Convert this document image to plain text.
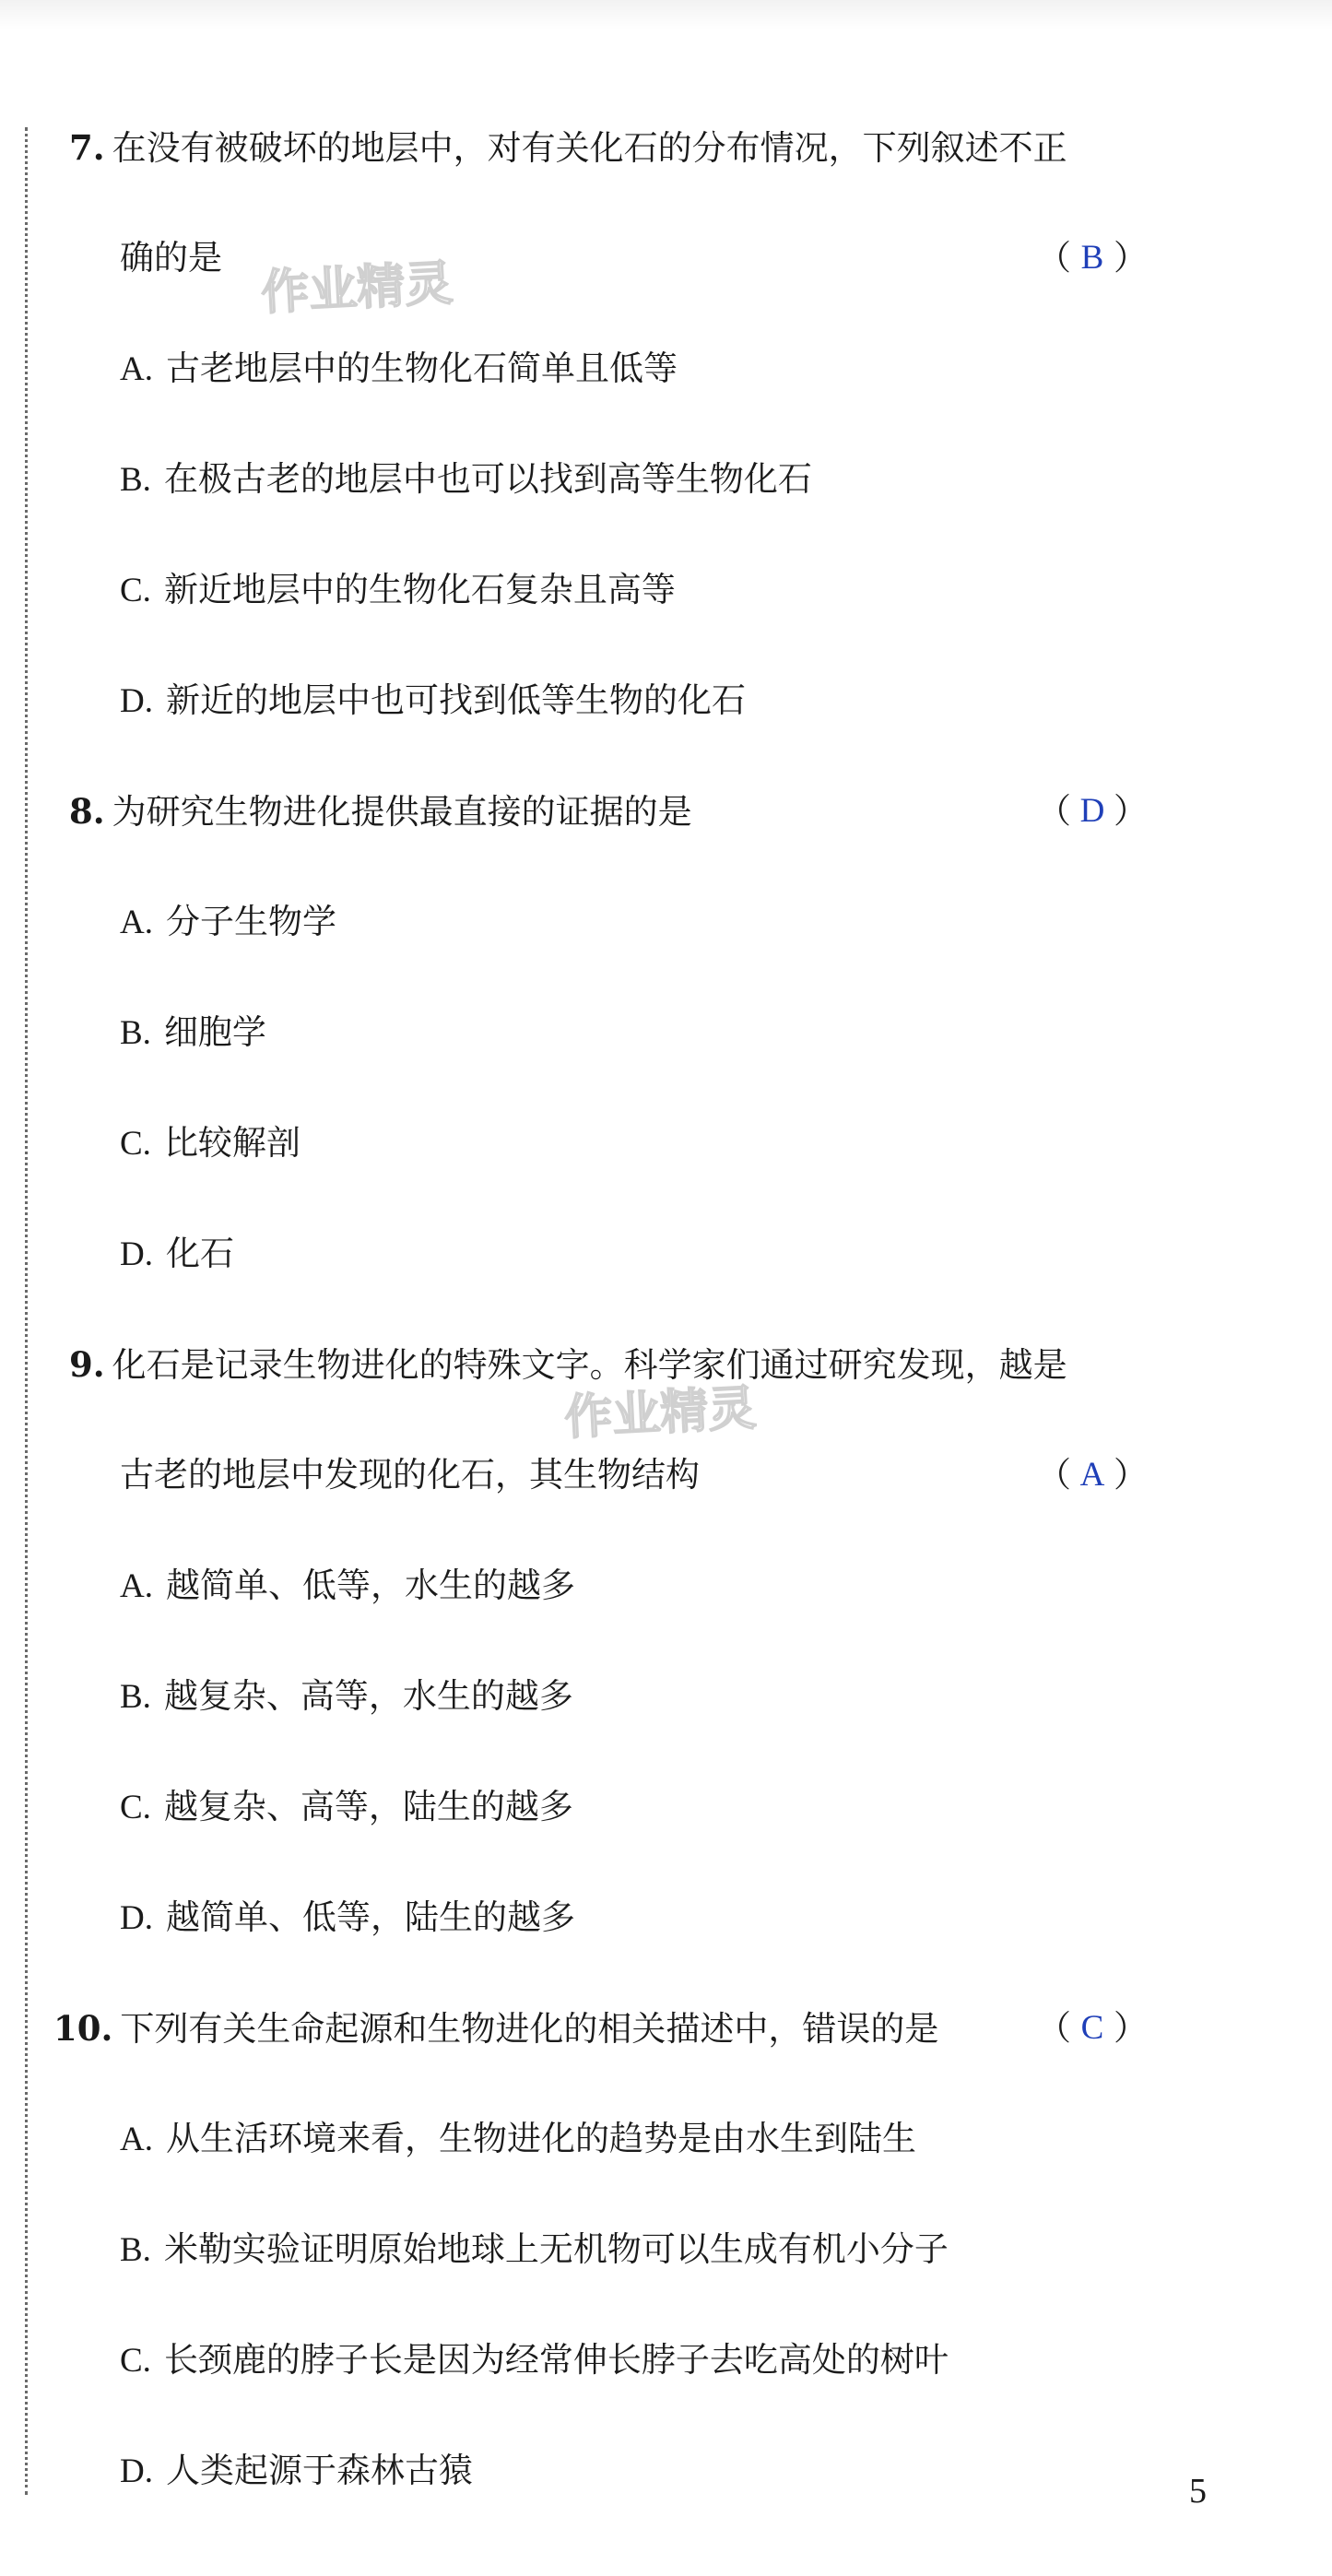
7. 在没有被破坏的地层中，对有关化石的分布情况，下列叙述不正
确的是	（ B ）
作业精灵
A. 古老地层中的生物化石简单且低等
B. 在极古老的地层中也可以找到高等生物化石
C. 新近地层中的生物化石复杂且高等
D. 新近的地层中也可找到低等生物的化石
8. 为研究生物进化提供最直接的证据的是	（ D ）
A. 分子生物学
B. 细胞学
C. 比较解剖
D. 化石
9. 化石是记录生物进化的特殊文字。科学家们通过研究发现，越是
作业精灵
古老的地层中发现的化石，其生物结构	（ A ）
A. 越简单、低等，水生的越多
B. 越复杂、高等，水生的越多
C. 越复杂、高等，陆生的越多
D. 越简单、低等，陆生的越多
10. 下列有关生命起源和生物进化的相关描述中，错误的是	（ C ）
A. 从生活环境来看，生物进化的趋势是由水生到陆生
B. 米勒实验证明原始地球上无机物可以生成有机小分子
C. 长颈鹿的脖子长是因为经常伸长脖子去吃高处的树叶
D. 人类起源于森林古猿
5
